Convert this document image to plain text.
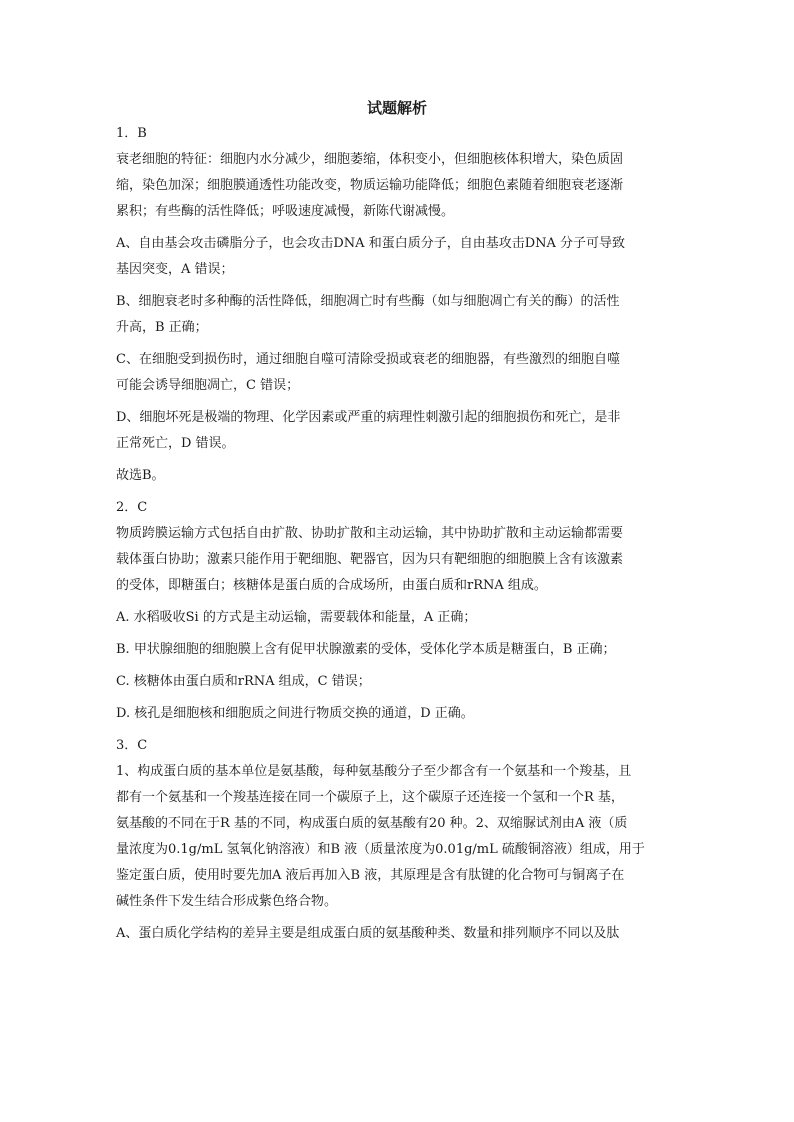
试题解析
1．B
衰老细胞的特征：细胞内水分减少，细胞萎缩，体积变小，但细胞核体积增大，染色质固
缩，染色加深；细胞膜通透性功能改变，物质运输功能降低；细胞色素随着细胞衰老逐渐
累积；有些酶的活性降低；呼吸速度减慢，新陈代谢减慢。
A、自由基会攻击磷脂分子，也会攻击DNA 和蛋白质分子，自由基攻击DNA 分子可导致
基因突变，A 错误；
B、细胞衰老时多种酶的活性降低，细胞凋亡时有些酶（如与细胞凋亡有关的酶）的活性
升高，B 正确；
C、在细胞受到损伤时，通过细胞自噬可清除受损或衰老的细胞器，有些激烈的细胞自噬
可能会诱导细胞凋亡，C 错误；
D、细胞坏死是极端的物理、化学因素或严重的病理性刺激引起的细胞损伤和死亡，是非
正常死亡，D 错误。
故选B。
2．C
物质跨膜运输方式包括自由扩散、协助扩散和主动运输，其中协助扩散和主动运输都需要
载体蛋白协助；激素只能作用于靶细胞、靶器官，因为只有靶细胞的细胞膜上含有该激素
的受体，即糖蛋白；核糖体是蛋白质的合成场所，由蛋白质和rRNA 组成。
A. 水稻吸收Si 的方式是主动运输，需要载体和能量，A 正确；
B. 甲状腺细胞的细胞膜上含有促甲状腺激素的受体，受体化学本质是糖蛋白，B 正确；
C. 核糖体由蛋白质和rRNA 组成，C 错误；
D. 核孔是细胞核和细胞质之间进行物质交换的通道，D 正确。
3．C
1、构成蛋白质的基本单位是氨基酸，每种氨基酸分子至少都含有一个氨基和一个羧基，且
都有一个氨基和一个羧基连接在同一个碳原子上，这个碳原子还连接一个氢和一个R 基，
氨基酸的不同在于R 基的不同，构成蛋白质的氨基酸有20 种。2、双缩脲试剂由A 液（质
量浓度为0.1g/mL 氢氧化钠溶液）和B 液（质量浓度为0.01g/mL 硫酸铜溶液）组成，用于
鉴定蛋白质，使用时要先加A 液后再加入B 液，其原理是含有肽键的化合物可与铜离子在
碱性条件下发生结合形成紫色络合物。
A、蛋白质化学结构的差异主要是组成蛋白质的氨基酸种类、数量和排列顺序不同以及肽
